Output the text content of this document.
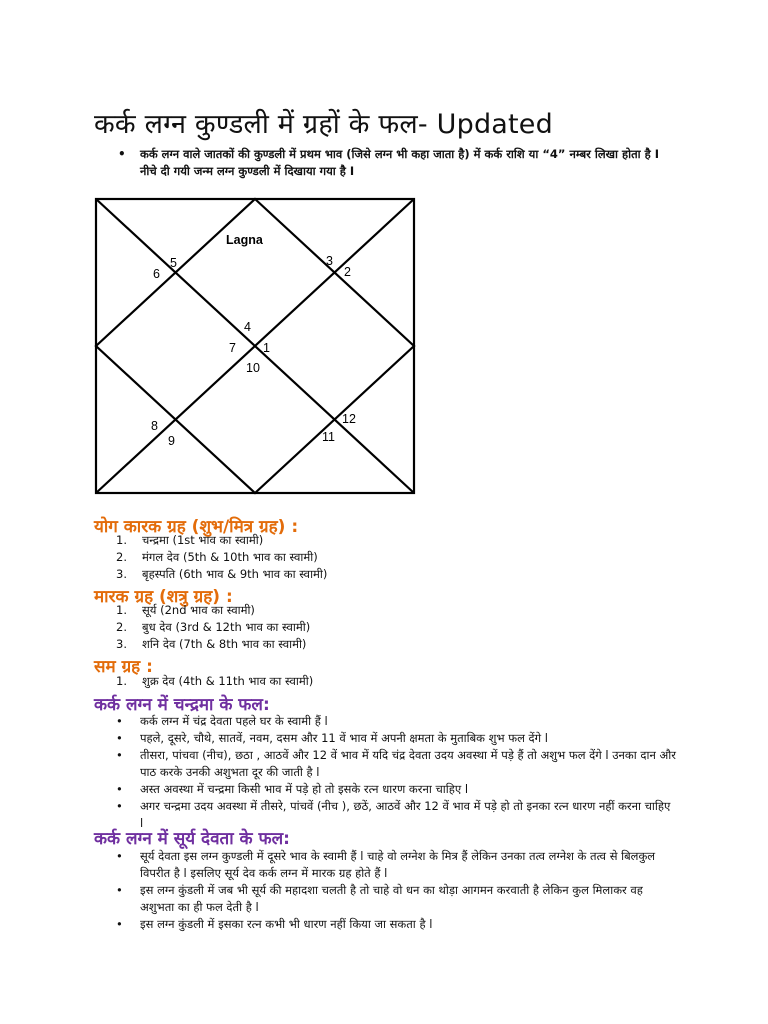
कर्क लग्न कुण्डली में ग्रहों के फल- Updated
• कर्क लग्न वाले जातकों की कुण्डली में प्रथम भाव (जिसे लग्न भी कहा जाता है) में कर्क राशि या “4” नम्बर लिखा होता है I नीचे दी गयी जन्म लग्न कुण्डली में दिखाया गया है I
Lagna
4
3
2
1
12
11
10
9
8
7
6
5
योग कारक ग्रह (शुभ/मित्र ग्रह) :
1. चन्द्रमा (1st भाव का स्वामी)
2. मंगल देव (5th & 10th भाव का स्वामी)
3. बृहस्पति (6th भाव & 9th भाव का स्वामी)
मारक ग्रह (शत्रु ग्रह) :
1. सूर्य (2nd भाव का स्वामी)
2. बुध देव (3rd & 12th भाव का स्वामी)
3. शनि देव (7th & 8th भाव का स्वामी)
सम ग्रह :
1. शुक्र देव (4th & 11th भाव का स्वामी)
कर्क लग्न में चन्द्रमा के फल:
• कर्क लग्न में चंद्र देवता पहले घर के स्वामी हैं l
• पहले, दूसरे, चौथे, सातवें, नवम, दसम और 11 वें भाव में अपनी क्षमता के मुताबिक शुभ फल देंगे l
• तीसरा, पांचवा (नीच), छठा , आठवें और 12 वें भाव में यदि चंद्र देवता उदय अवस्था में पड़े हैं तो अशुभ फल देंगे l उनका दान और पाठ करके उनकी अशुभता दूर की जाती है l
• अस्त अवस्था में चन्द्रमा किसी भाव में पड़े हो तो इसके रत्न धारण करना चाहिए l
• अगर चन्द्रमा उदय अवस्था में तीसरे, पांचवें (नीच ), छठें, आठवें और 12 वें भाव में पड़े हो तो इनका रत्न धारण नहीं करना चाहिए l
कर्क लग्न में सूर्य देवता के फल:
• सूर्य देवता इस लग्न कुण्डली में दूसरे भाव के स्वामी हैं l चाहे वो लग्नेश के मित्र हैं लेकिन उनका तत्व लग्नेश के तत्व से बिलकुल विपरीत है l इसलिए सूर्य देव कर्क लग्न में मारक ग्रह होते हैं l
• इस लग्न कुंडली में जब भी सूर्य की महादशा चलती है तो चाहे वो धन का थोड़ा आगमन करवाती है लेकिन कुल मिलाकर वह अशुभता का ही फल देती है l
• इस लग्न कुंडली में इसका रत्न कभी भी धारण नहीं किया जा सकता है l
